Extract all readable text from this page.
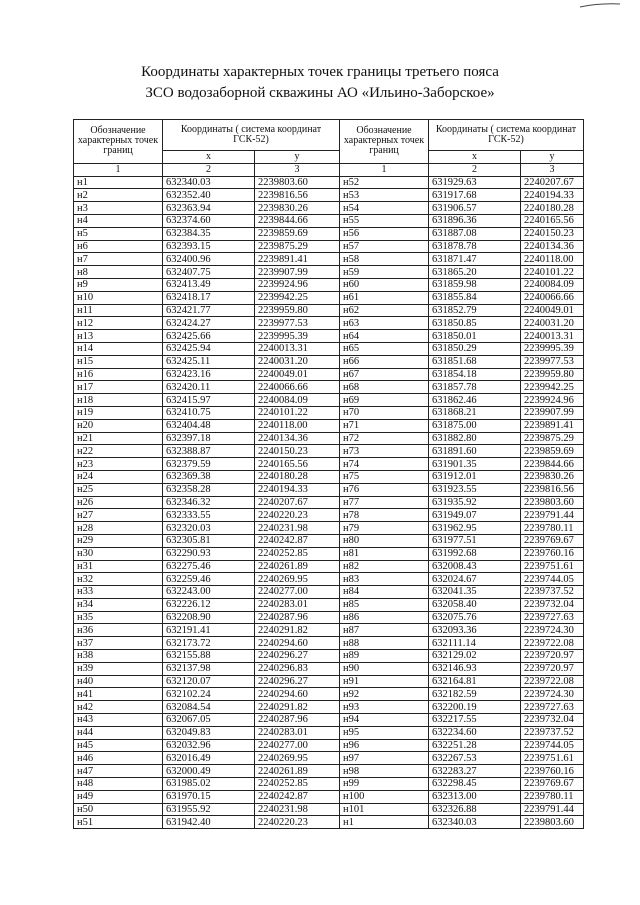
Координаты характерных точек границы третьего пояса
ЗСО водозаборной скважины АО «Ильино-Заборское»
Обозначение характерных точек границ	Координаты ( система координат ГСК-52)		Обозначение характерных точек границ	Координаты ( система координат ГСК-52)	
	x	y		x	y
1	2	3	1	2	3
н1	632340.03	2239803.60	н52	631929.63	2240207.67
н2	632352.40	2239816.56	н53	631917.68	2240194.33
н3	632363.94	2239830.26	н54	631906.57	2240180.28
н4	632374.60	2239844.66	н55	631896.36	2240165.56
н5	632384.35	2239859.69	н56	631887.08	2240150.23
н6	632393.15	2239875.29	н57	631878.78	2240134.36
н7	632400.96	2239891.41	н58	631871.47	2240118.00
н8	632407.75	2239907.99	н59	631865.20	2240101.22
н9	632413.49	2239924.96	н60	631859.98	2240084.09
н10	632418.17	2239942.25	н61	631855.84	2240066.66
н11	632421.77	2239959.80	н62	631852.79	2240049.01
н12	632424.27	2239977.53	н63	631850.85	2240031.20
н13	632425.66	2239995.39	н64	631850.01	2240013.31
н14	632425.94	2240013.31	н65	631850.29	2239995.39
н15	632425.11	2240031.20	н66	631851.68	2239977.53
н16	632423.16	2240049.01	н67	631854.18	2239959.80
н17	632420.11	2240066.66	н68	631857.78	2239942.25
н18	632415.97	2240084.09	н69	631862.46	2239924.96
н19	632410.75	2240101.22	н70	631868.21	2239907.99
н20	632404.48	2240118.00	н71	631875.00	2239891.41
н21	632397.18	2240134.36	н72	631882.80	2239875.29
н22	632388.87	2240150.23	н73	631891.60	2239859.69
н23	632379.59	2240165.56	н74	631901.35	2239844.66
н24	632369.38	2240180.28	н75	631912.01	2239830.26
н25	632358.28	2240194.33	н76	631923.55	2239816.56
н26	632346.32	2240207.67	н77	631935.92	2239803.60
н27	632333.55	2240220.23	н78	631949.07	2239791.44
н28	632320.03	2240231.98	н79	631962.95	2239780.11
н29	632305.81	2240242.87	н80	631977.51	2239769.67
н30	632290.93	2240252.85	н81	631992.68	2239760.16
н31	632275.46	2240261.89	н82	632008.43	2239751.61
н32	632259.46	2240269.95	н83	632024.67	2239744.05
н33	632243.00	2240277.00	н84	632041.35	2239737.52
н34	632226.12	2240283.01	н85	632058.40	2239732.04
н35	632208.90	2240287.96	н86	632075.76	2239727.63
н36	632191.41	2240291.82	н87	632093.36	2239724.30
н37	632173.72	2240294.60	н88	632111.14	2239722.08
н38	632155.88	2240296.27	н89	632129.02	2239720.97
н39	632137.98	2240296.83	н90	632146.93	2239720.97
н40	632120.07	2240296.27	н91	632164.81	2239722.08
н41	632102.24	2240294.60	н92	632182.59	2239724.30
н42	632084.54	2240291.82	н93	632200.19	2239727.63
н43	632067.05	2240287.96	н94	632217.55	2239732.04
н44	632049.83	2240283.01	н95	632234.60	2239737.52
н45	632032.96	2240277.00	н96	632251.28	2239744.05
н46	632016.49	2240269.95	н97	632267.53	2239751.61
н47	632000.49	2240261.89	н98	632283.27	2239760.16
н48	631985.02	2240252.85	н99	632298.45	2239769.67
н49	631970.15	2240242.87	н100	632313.00	2239780.11
н50	631955.92	2240231.98	н101	632326.88	2239791.44
н51	631942.40	2240220.23	н1	632340.03	2239803.60
